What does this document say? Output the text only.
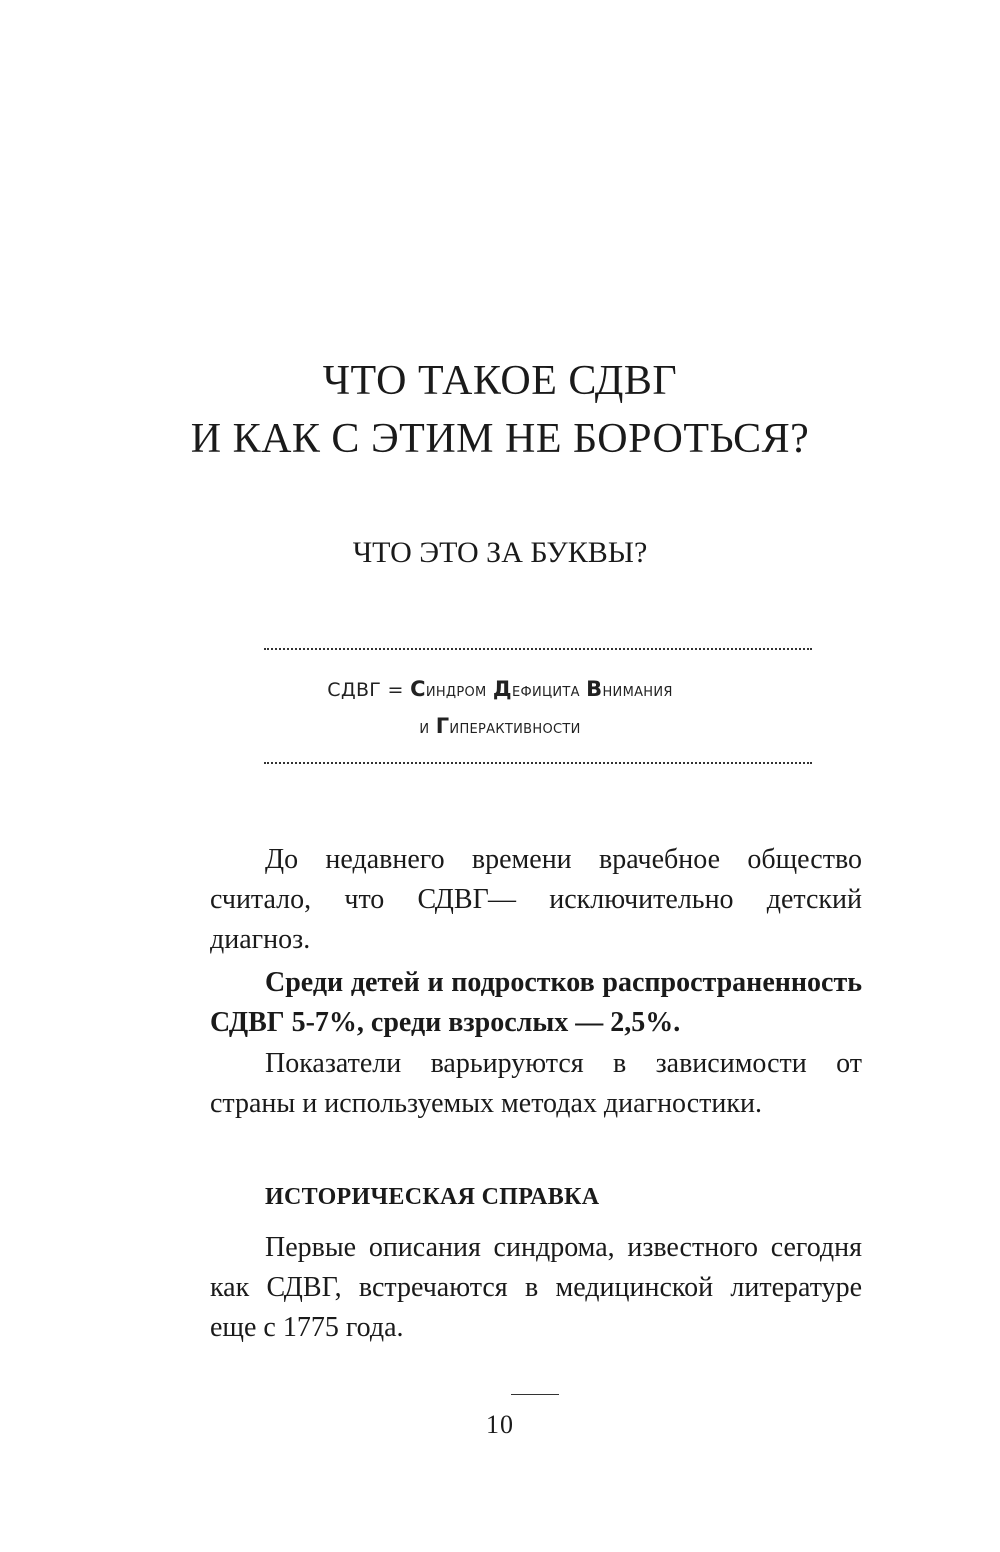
ЧТО ТАКОЕ СДВГ
И КАК С ЭТИМ НЕ БОРОТЬСЯ?
ЧТО ЭТО ЗА БУКВЫ?
СДВГ = Синдром Дефицита Внимания
и Гиперактивности

До недавнего времени врачебное общество считало, что СДВГ— исключительно детский диагноз.

Среди детей и подростков распространенность СДВГ 5-7%, среди взрослых — 2,5%.

Показатели варьируются в зависимости от страны и используемых методах диагностики.

ИСТОРИЧЕСКАЯ СПРАВКА

Первые описания синдрома, известного сегодня как СДВГ, встречаются в медицинской литературе еще с 1775 года.

10
